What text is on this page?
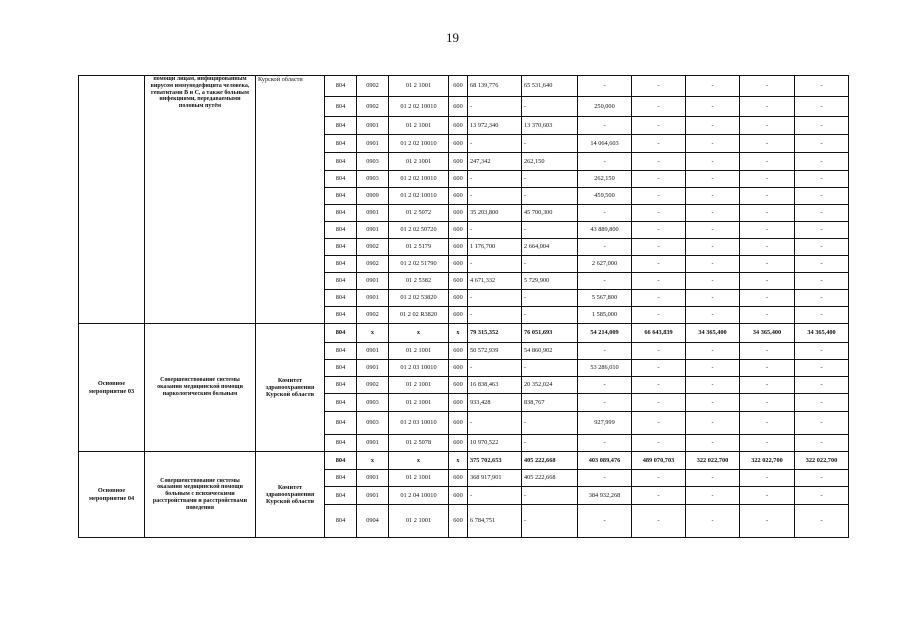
19
	помощи лицам, инфицированным вирусом иммунодефицита человека, гепатитами В и С, а также больным инфекциями, передаваемыми половым путём	Курской области	804	0902	01 2 1001	600	68 139,776	65 531,640	-	-	-	-	-
			804	0902	01 2 02 10010	600	-	-	250,000	-	-	-	-
			804	0901	01 2 1001	600	13 972,340	13 370,603	-	-	-	-	-
			804	0901	01 2 02 10010	600	-	-	14 064,603	-	-	-	-
			804	0903	01 2 1001	600	247,342	262,150	-	-	-	-	-
			804	0903	01 2 02 10010	600	-	-	262,150	-	-	-	-
			804	0909	01 2 02 10010	600	-	-	459,500	-	-	-	-
			804	0901	01 2 5072	600	35 203,800	45 700,300	-	-	-	-	-
			804	0901	01 2 02 50720	600	-	-	43 889,800	-	-	-	-
			804	0902	01 2 5179	600	1 176,700	2 664,004	-	-	-	-	-
			804	0902	01 2 02 51790	600	-	-	2 627,000	-	-	-	-
			804	0901	01 2 5382	600	4 671,332	5 729,900	-	-	-	-	-
			804	0901	01 2 02 53820	600	-	-	5 567,800	-	-	-	-
			804	0902	01 2 02 R3820	600	-	-	1 585,000	-	-	-	-
Основное мероприятие 03	Совершенствование системы оказания медицинской помощи наркологическим больным	Комитет здравоохранения Курской области	804	x	x	x	79 315,352	76 051,693	54 214,009	66 643,839	34 365,400	34 365,400	34 365,400
			804	0901	01 2 1001	600	50 572,939	54 860,902	-	-	-	-	-
			804	0901	01 2 03 10010	600	-	-	53 286,010	-	-	-	-
			804	0902	01 2 1001	600	16 838,463	20 352,024	-	-	-	-	-
			804	0903	01 2 1001	600	933,428	838,767	-	-	-	-	-
			804	0903	01 2 03 10010	600	-	-	927,999	-	-	-	-
			804	0901	01 2 5078	600	10 970,522	-	-	-	-	-	-
Основное мероприятие 04	Совершенствование системы оказания медицинской помощи больным с психическими расстройствами и расстройствами поведения	Комитет здравоохранения Курской области	804	x	x	x	375 702,653	405 222,668	403 089,476	489 070,703	322 022,700	322 022,700	322 022,700
			804	0901	01 2 1001	600	368 917,901	405 222,668	-	-	-	-	-
			804	0901	01 2 04 10010	600	-	-	384 932,268	-	-	-	-
			804	0904	01 2 1001	600	6 784,751	-	-	-	-	-	-
